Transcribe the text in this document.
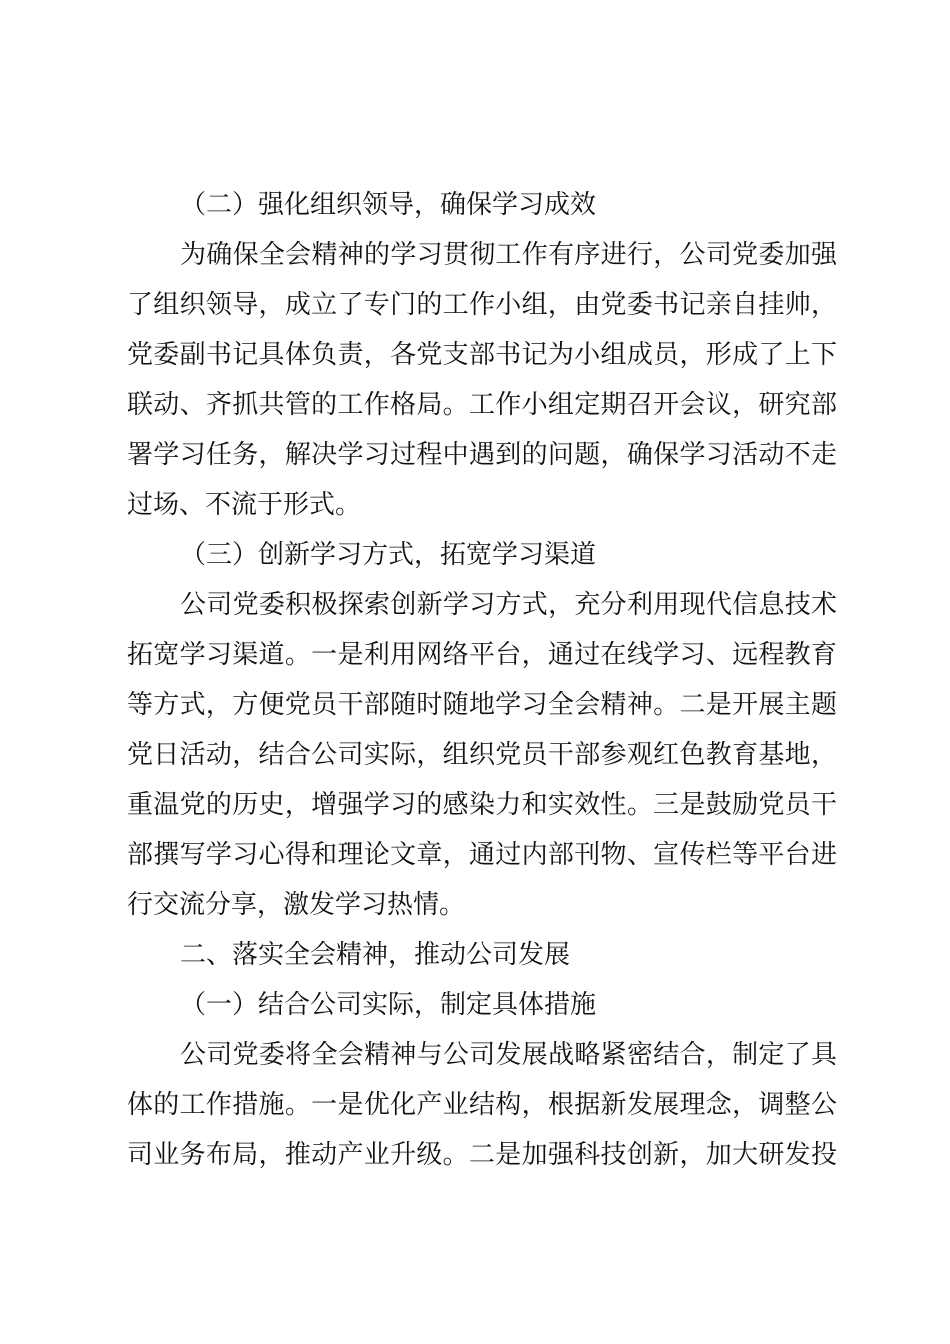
（二）强化组织领导，确保学习成效
为确保全会精神的学习贯彻工作有序进行，公司党委加强
了组织领导，成立了专门的工作小组，由党委书记亲自挂帅，
党委副书记具体负责，各党支部书记为小组成员，形成了上下
联动、齐抓共管的工作格局。工作小组定期召开会议，研究部
署学习任务，解决学习过程中遇到的问题，确保学习活动不走
过场、不流于形式。
（三）创新学习方式，拓宽学习渠道
公司党委积极探索创新学习方式，充分利用现代信息技术
拓宽学习渠道。一是利用网络平台，通过在线学习、远程教育
等方式，方便党员干部随时随地学习全会精神。二是开展主题
党日活动，结合公司实际，组织党员干部参观红色教育基地，
重温党的历史，增强学习的感染力和实效性。三是鼓励党员干
部撰写学习心得和理论文章，通过内部刊物、宣传栏等平台进
行交流分享，激发学习热情。
二、落实全会精神，推动公司发展
（一）结合公司实际，制定具体措施
公司党委将全会精神与公司发展战略紧密结合，制定了具
体的工作措施。一是优化产业结构，根据新发展理念，调整公
司业务布局，推动产业升级。二是加强科技创新，加大研发投
